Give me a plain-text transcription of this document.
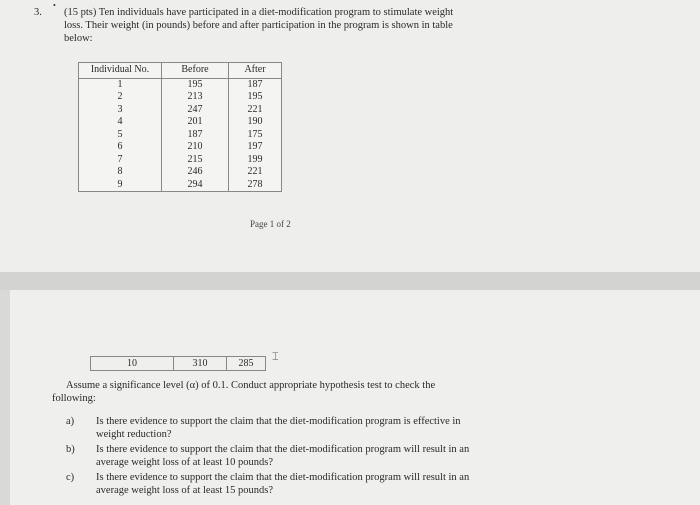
•
3. (15 pts) Ten individuals have participated in a diet-modification program to stimulate weight
loss. Their weight (in pounds) before and after participation in the program is shown in table
below:
Individual No.	Before	After
1	195	187
2	213	195
3	247	221
4	201	190
5	187	175
6	210	197
7	215	199
8	246	221
9	294	278
Page 1 of 2
10	310	285
⌶
Assume a significance level (α) of 0.1. Conduct appropriate hypothesis test to check the
following:
a) Is there evidence to support the claim that the diet-modification program is effective in
weight reduction?
b) Is there evidence to support the claim that the diet-modification program will result in an
average weight loss of at least 10 pounds?
c) Is there evidence to support the claim that the diet-modification program will result in an
average weight loss of at least 15 pounds?
